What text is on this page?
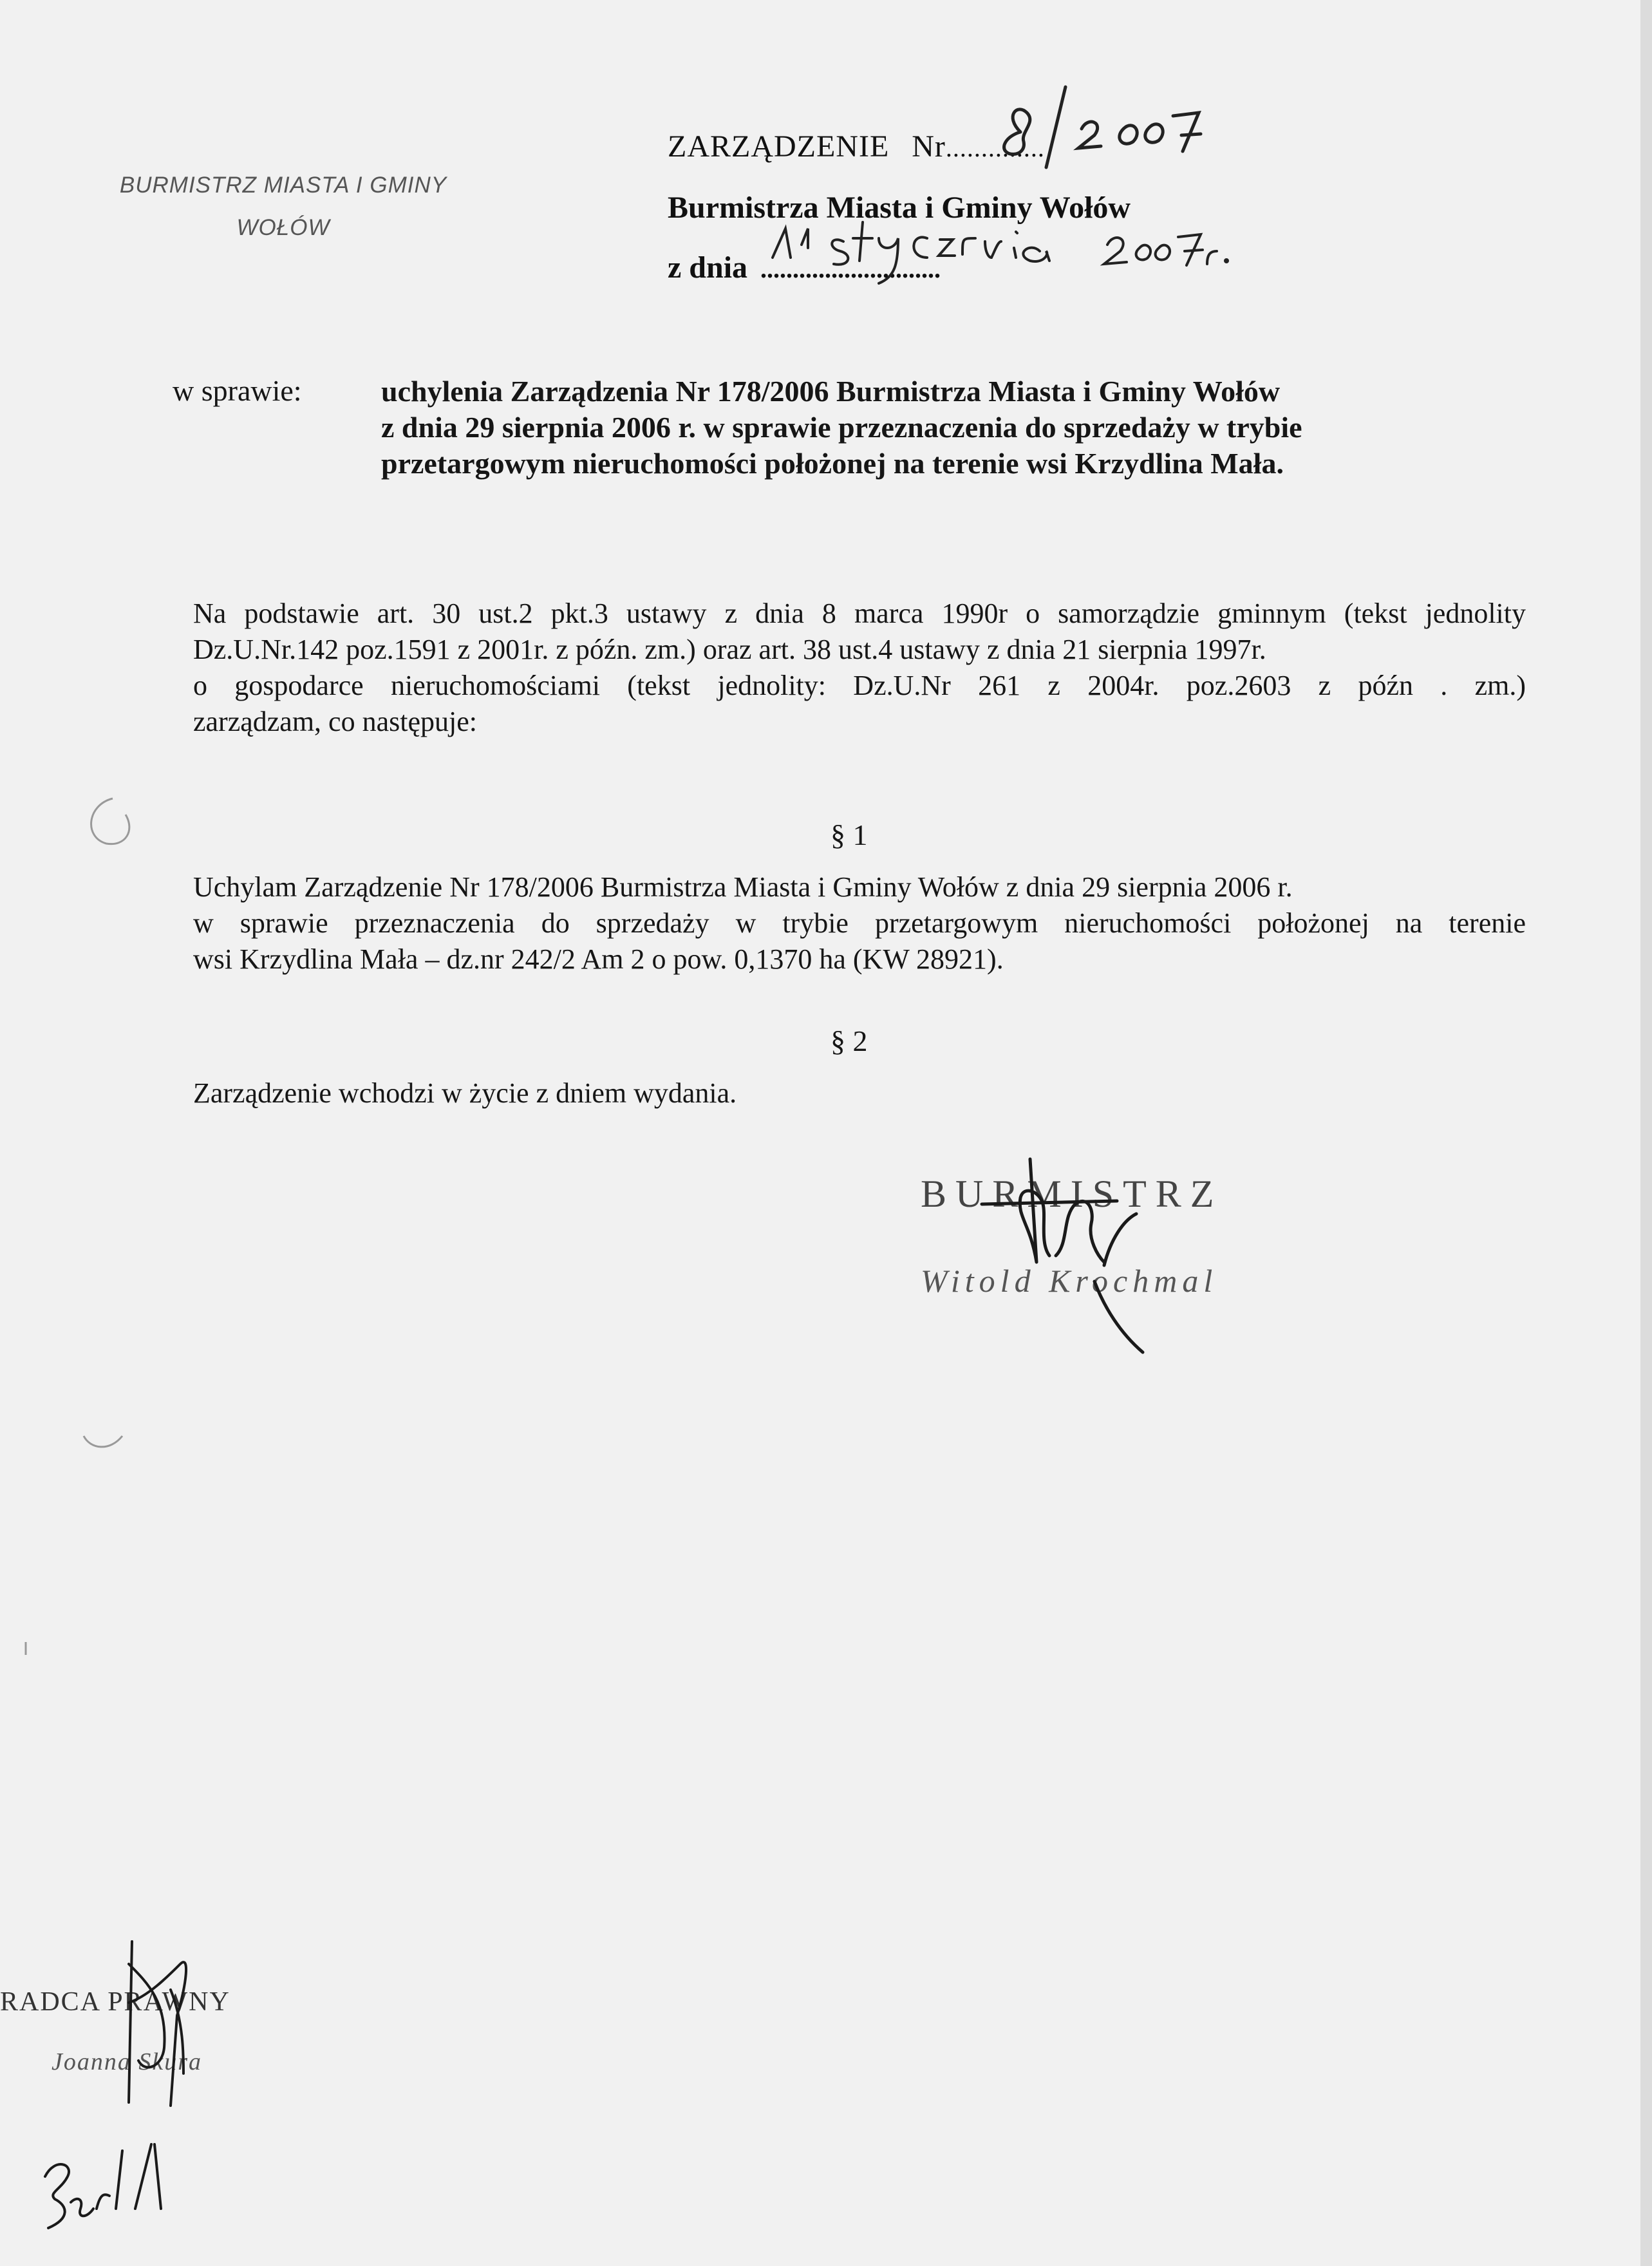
BURMISTRZ MIASTA I GMINY
WOŁÓW
ZARZĄDZENIE Nr..............
Burmistrza Miasta i Gminy Wołów
z dnia ............................
w sprawie:	uchylenia Zarządzenia Nr 178/2006 Burmistrza Miasta i Gminy Wołów
z dnia 29 sierpnia 2006 r. w sprawie przeznaczenia do sprzedaży w trybie
przetargowym nieruchomości położonej na terenie wsi Krzydlina Mała.
Na podstawie art. 30 ust.2 pkt.3 ustawy z dnia 8 marca 1990r o samorządzie gminnym (tekst jednolity
Dz.U.Nr.142 poz.1591 z 2001r. z późn. zm.) oraz art. 38 ust.4 ustawy z dnia 21 sierpnia 1997r.
o gospodarce nieruchomościami (tekst jednolity: Dz.U.Nr 261 z 2004r. poz.2603 z późn . zm.)
zarządzam, co następuje:
§ 1
Uchylam Zarządzenie Nr 178/2006 Burmistrza Miasta i Gminy Wołów z dnia 29 sierpnia 2006 r.
w sprawie przeznaczenia do sprzedaży w trybie przetargowym nieruchomości położonej na terenie
wsi Krzydlina Mała – dz.nr 242/2 Am 2 o pow. 0,1370 ha (KW 28921).
§ 2
Zarządzenie wchodzi w życie z dniem wydania.
BURMISTRZ
Witold Krochmal
RADCA PRAWNY
Joanna Skura
